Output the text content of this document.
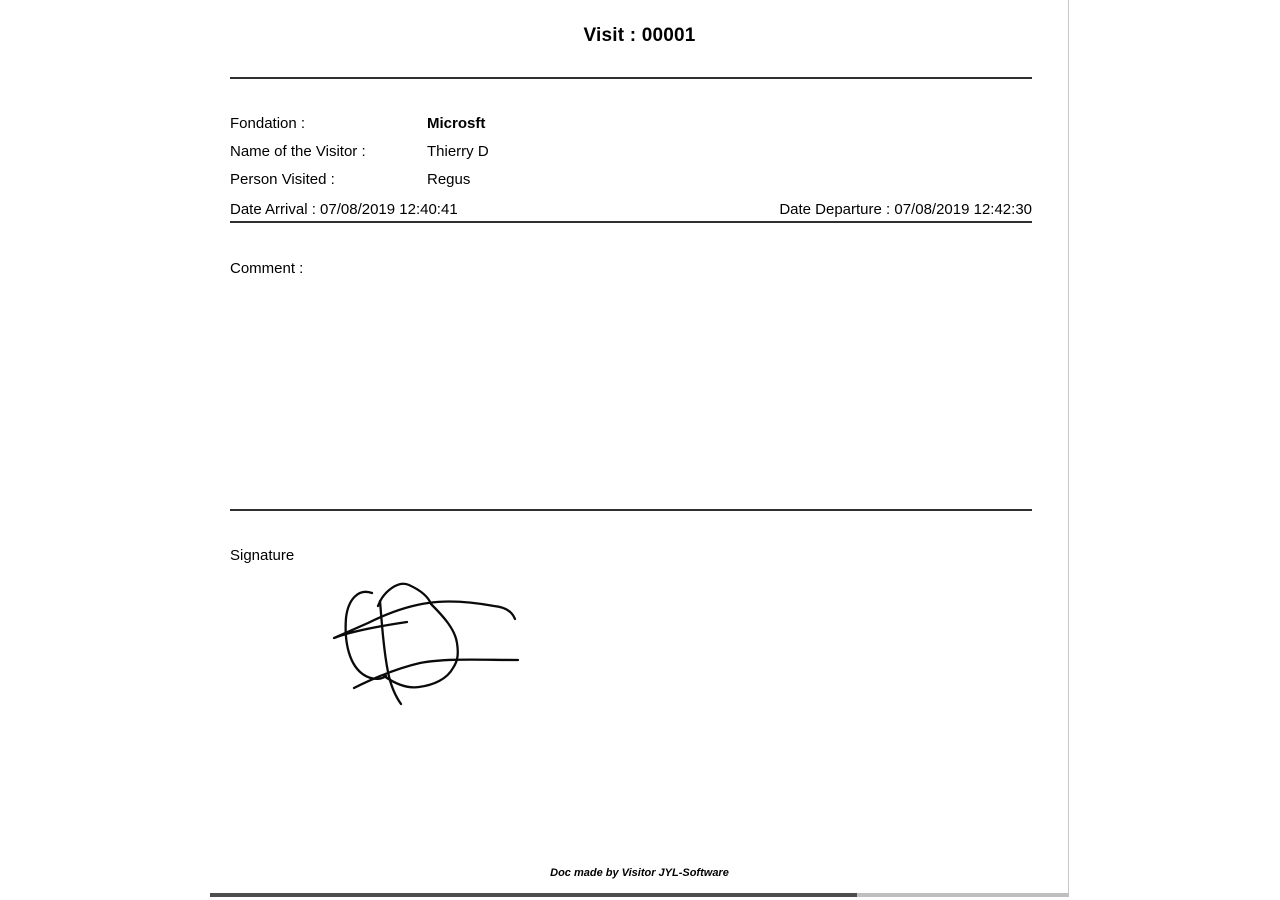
Visit : 00001
Fondation :	Microsft
Name of the Visitor :	Thierry D
Person Visited :	Regus
Date Arrival : 07/08/2019 12:40:41	Date Departure : 07/08/2019 12:42:30
Comment :
Signature
Doc made by Visitor JYL-Software
